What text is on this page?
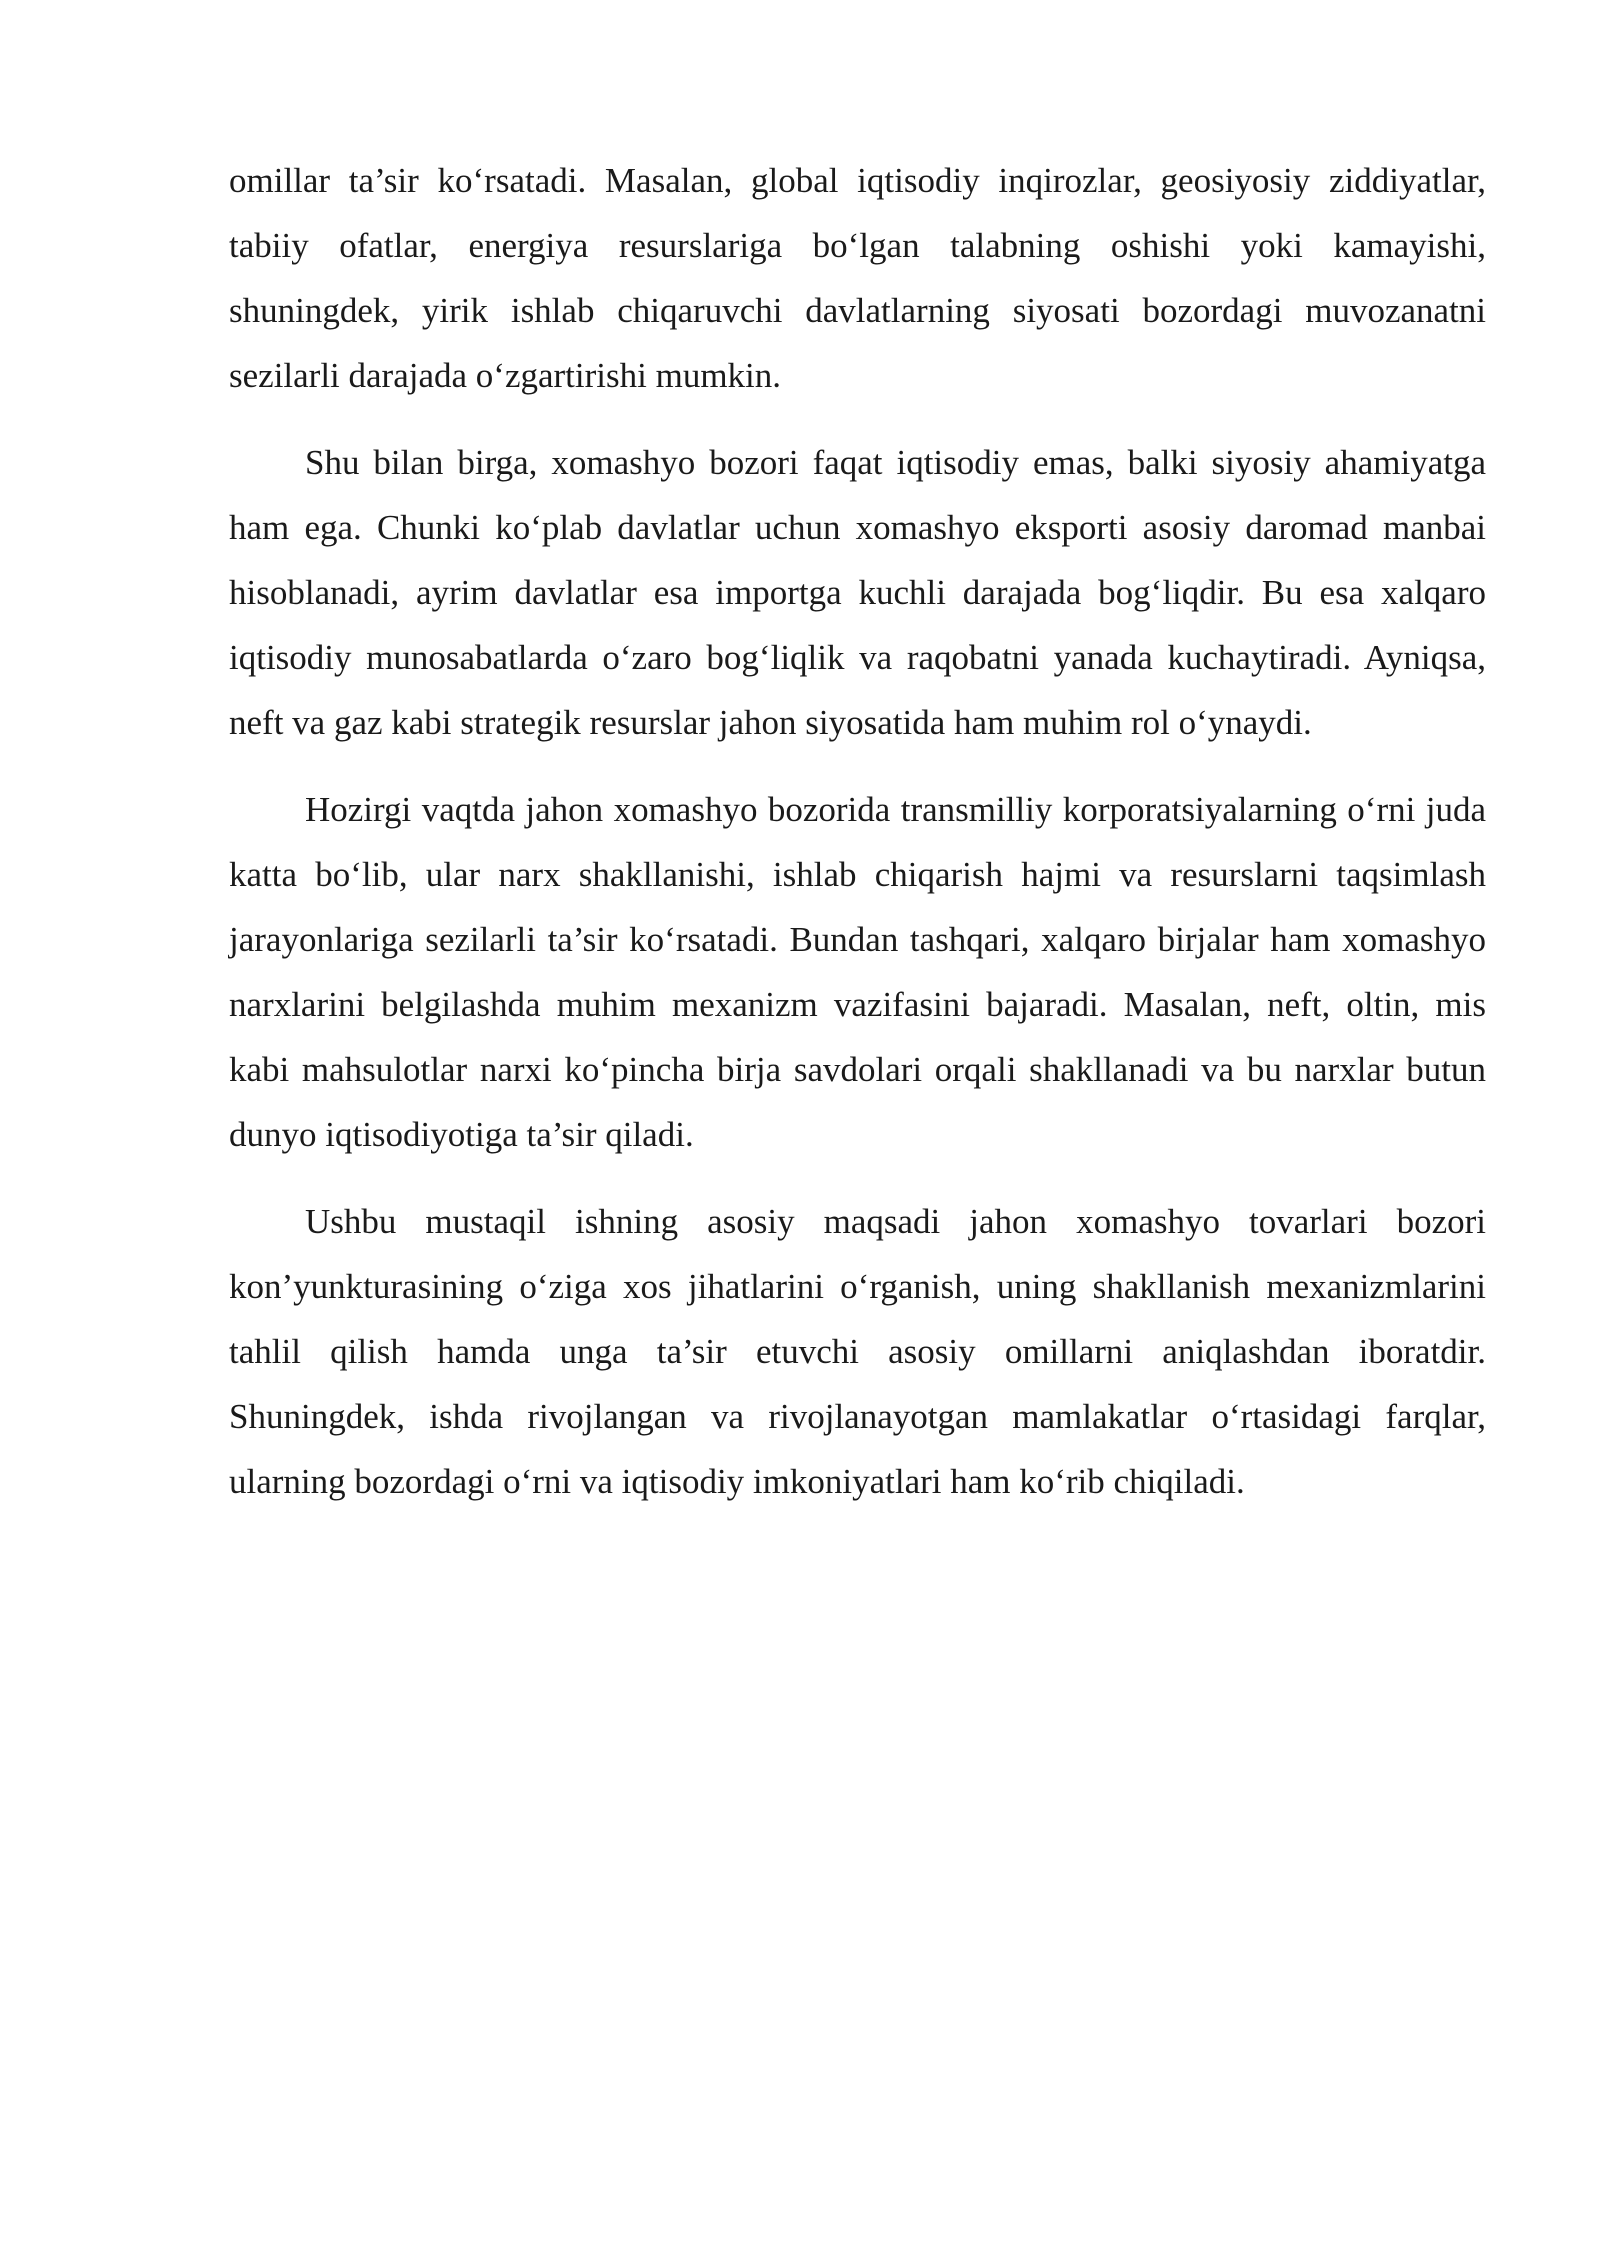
omillar ta’sir ko‘rsatadi. Masalan, global iqtisodiy inqirozlar, geosiyosiy ziddiyatlar, tabiiy ofatlar, energiya resurslariga bo‘lgan talabning oshishi yoki kamayishi, shuningdek, yirik ishlab chiqaruvchi davlatlarning siyosati bozordagi muvozanatni sezilarli darajada o‘zgartirishi mumkin.

Shu bilan birga, xomashyo bozori faqat iqtisodiy emas, balki siyosiy ahamiyatga ham ega. Chunki ko‘plab davlatlar uchun xomashyo eksporti asosiy daromad manbai hisoblanadi, ayrim davlatlar esa importga kuchli darajada bog‘liqdir. Bu esa xalqaro iqtisodiy munosabatlarda o‘zaro bog‘liqlik va raqobatni yanada kuchaytiradi. Ayniqsa, neft va gaz kabi strategik resurslar jahon siyosatida ham muhim rol o‘ynaydi.

Hozirgi vaqtda jahon xomashyo bozorida transmilliy korporatsiyalarning o‘rni juda katta bo‘lib, ular narx shakllanishi, ishlab chiqarish hajmi va resurslarni taqsimlash jarayonlariga sezilarli ta’sir ko‘rsatadi. Bundan tashqari, xalqaro birjalar ham xomashyo narxlarini belgilashda muhim mexanizm vazifasini bajaradi. Masalan, neft, oltin, mis kabi mahsulotlar narxi ko‘pincha birja savdolari orqali shakllanadi va bu narxlar butun dunyo iqtisodiyotiga ta’sir qiladi.

Ushbu mustaqil ishning asosiy maqsadi jahon xomashyo tovarlari bozori kon’yunkturasining o‘ziga xos jihatlarini o‘rganish, uning shakllanish mexanizmlarini tahlil qilish hamda unga ta’sir etuvchi asosiy omillarni aniqlashdan iboratdir. Shuningdek, ishda rivojlangan va rivojlanayotgan mamlakatlar o‘rtasidagi farqlar, ularning bozordagi o‘rni va iqtisodiy imkoniyatlari ham ko‘rib chiqiladi.
